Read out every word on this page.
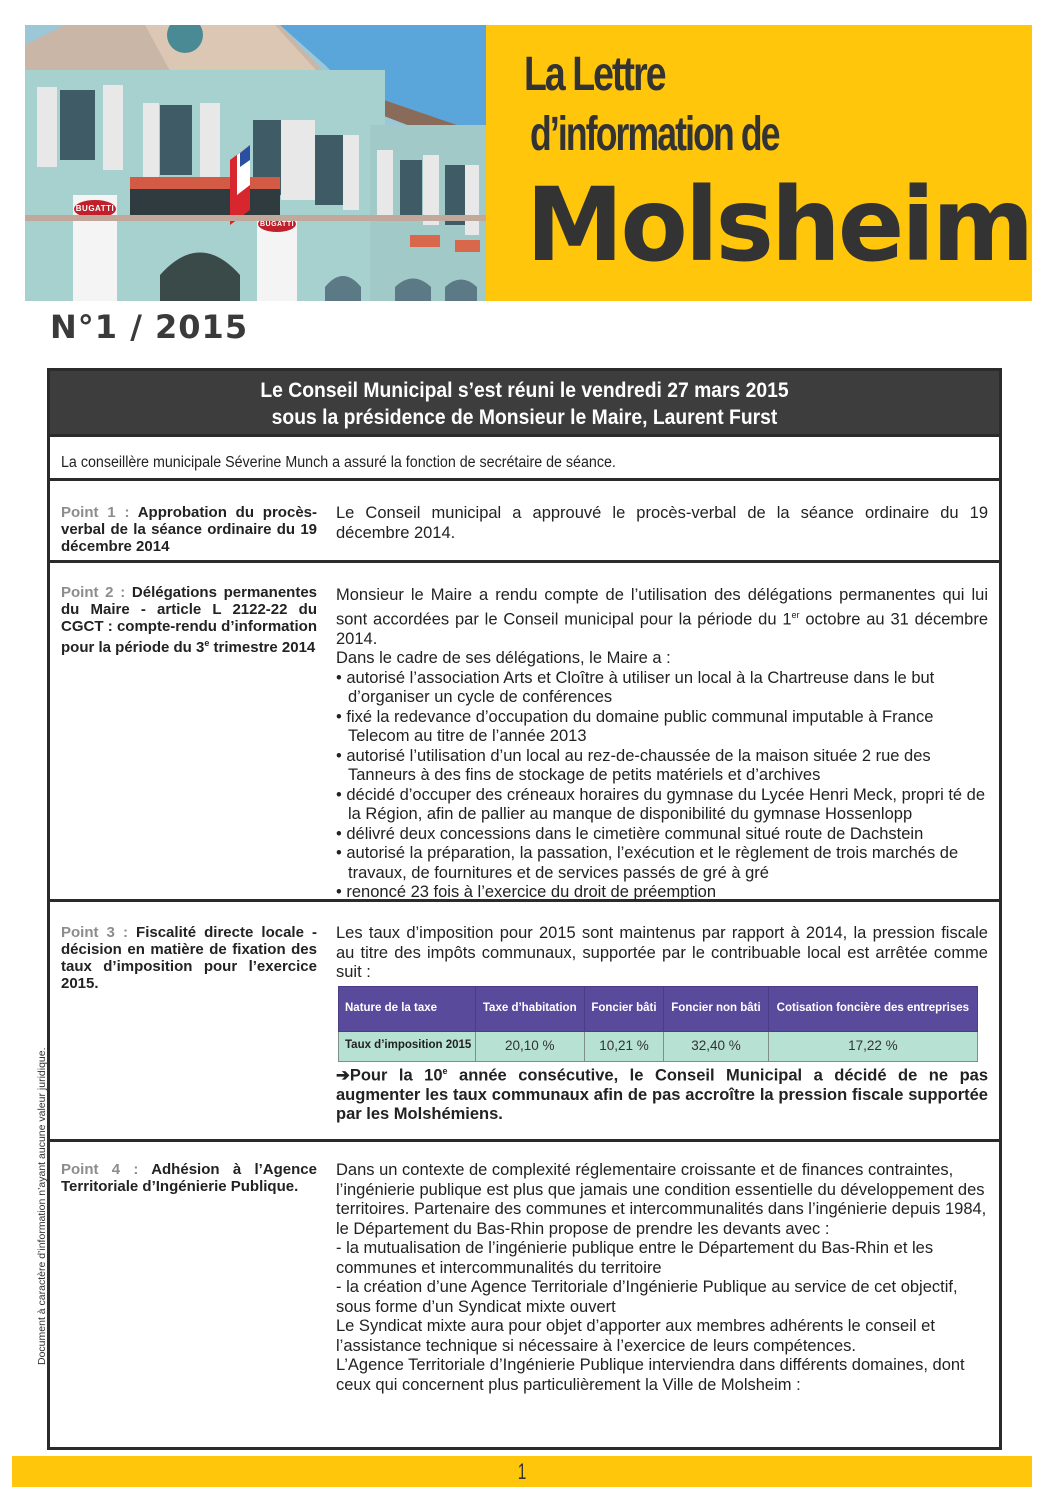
BUGATTI
BUGATTI
La Lettre
d’information de
Molsheim
N°1 / 2015
Document à caractère d’information n’ayant aucune valeur juridique.
Le Conseil Municipal s’est réuni le vendredi 27 mars 2015
sous la présidence de Monsieur le Maire, Laurent Furst
La conseillère municipale Séverine Munch a assuré la fonction de secrétaire de séance.
Point 1 : Approbation du procès-verbal de la séance ordinaire du 19 décembre 2014

Le Conseil municipal a approuvé le procès-verbal de la séance ordinaire du 19 décembre 2014.

Point 2 : Délégations permanentes du Maire - article L 2122-22 du CGCT : compte-rendu d’information pour la période du 3e trimestre 2014

Monsieur le Maire a rendu compte de l’utilisation des délégations permanentes qui lui sont accordées par le Conseil municipal pour la période du 1er octobre au 31 décembre 2014.

Dans le cadre de ses délégations, le Maire a :

• autorisé l’association Arts et Cloître à utiliser un local à la Chartreuse dans le but d’organiser un cycle de conférences

• fixé la redevance d’occupation du domaine public communal imputable à France Telecom au titre de l’année 2013

• autorisé l’utilisation d’un local au rez-de-chaussée de la maison située 2 rue des Tanneurs à des fins de stockage de petits matériels et d’archives

• décidé d’occuper des créneaux horaires du gymnase du Lycée Henri Meck, propri té de la Région, afin de pallier au manque de disponibilité du gymnase Hossenlopp

• délivré deux concessions dans le cimetière communal situé route de Dachstein

• autorisé la préparation, la passation, l’exécution et le règlement de trois marchés de travaux, de fournitures et de services passés de gré à gré

• renoncé 23 fois à l’exercice du droit de préemption

Point 3 : Fiscalité directe locale - décision en matière de fixation des taux d’imposition pour l’exercice 2015.

Les taux d’imposition pour 2015 sont maintenus par rapport à 2014, la pression fiscale au titre des impôts communaux, supportée par le contribuable local est arrêtée comme suit :

Nature de la taxe	Taxe d’habitation	Foncier bâti	Foncier non bâti	Cotisation foncière des entreprises
Taux d’imposition 2015	20,10 %	10,21 %	32,40 %	17,22 %

➔Pour la 10e année consécutive, le Conseil Municipal a décidé de ne pas augmenter les taux communaux afin de pas accroître la pression fiscale supportée par les Molshémiens.

Point 4 : Adhésion à l’Agence Territoriale d’Ingénierie Publique.

Dans un contexte de complexité réglementaire croissante et de finances contraintes, l’ingénierie publique est plus que jamais une condition essentielle du développement des territoires. Partenaire des communes et intercommunalités dans l’ingénierie depuis 1984, le Département du Bas-Rhin propose de prendre les devants avec :

- la mutualisation de l’ingénierie publique entre le Département du Bas-Rhin et les communes et intercommunalités du territoire

- la création d’une Agence Territoriale d’Ingénierie Publique au service de cet objectif, sous forme d’un Syndicat mixte ouvert

Le Syndicat mixte aura pour objet d’apporter aux membres adhérents le conseil et l’assistance technique si nécessaire à l’exercice de leurs compétences.

L’Agence Territoriale d’Ingénierie Publique interviendra dans différents domaines, dont ceux qui concernent plus particulièrement la Ville de Molsheim :

1
